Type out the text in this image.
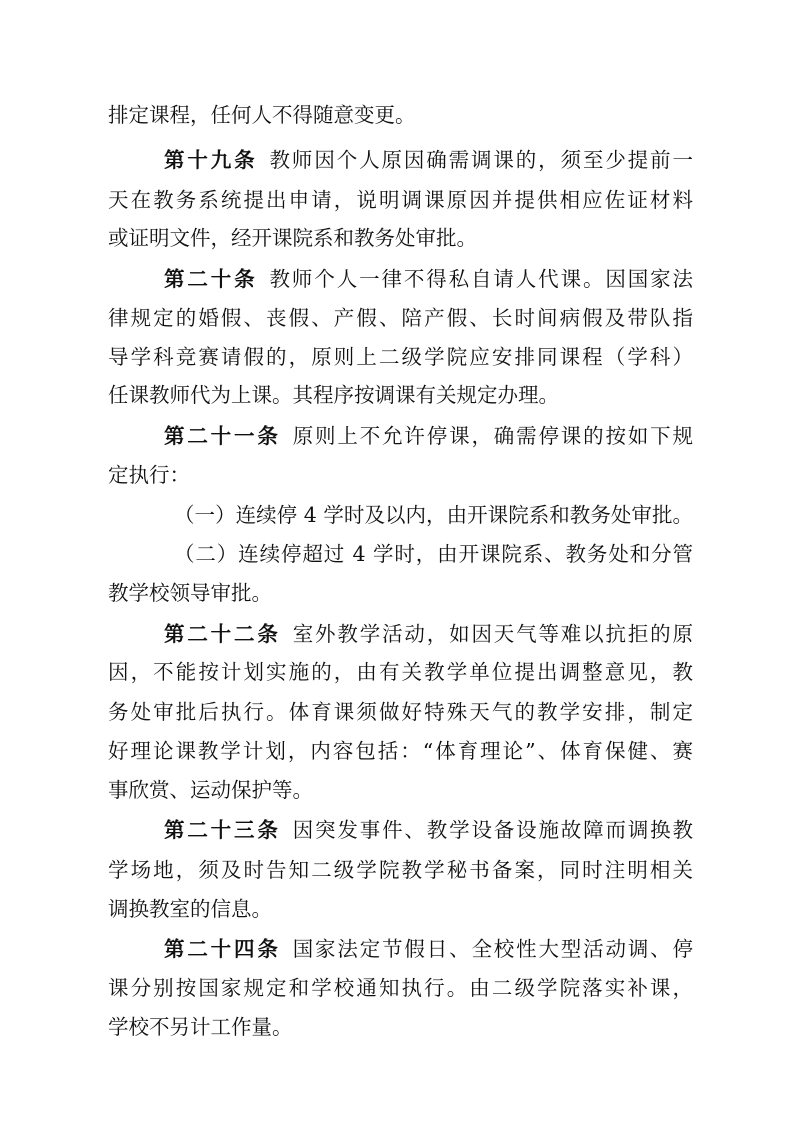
排定课程，任何人不得随意变更。
第十九条 教师因个人原因确需调课的，须至少提前一
天在教务系统提出申请，说明调课原因并提供相应佐证材料
或证明文件，经开课院系和教务处审批。
第二十条 教师个人一律不得私自请人代课。因国家法
律规定的婚假、丧假、产假、陪产假、长时间病假及带队指
导学科竞赛请假的，原则上二级学院应安排同课程（学科）
任课教师代为上课。其程序按调课有关规定办理。
第二十一条 原则上不允许停课，确需停课的按如下规
定执行：
（一）连续停 4 学时及以内，由开课院系和教务处审批。
（二）连续停超过 4 学时，由开课院系、教务处和分管
教学校领导审批。
第二十二条 室外教学活动，如因天气等难以抗拒的原
因，不能按计划实施的，由有关教学单位提出调整意见，教
务处审批后执行。体育课须做好特殊天气的教学安排，制定
好理论课教学计划，内容包括：“体育理论”、体育保健、赛
事欣赏、运动保护等。
第二十三条 因突发事件、教学设备设施故障而调换教
学场地，须及时告知二级学院教学秘书备案，同时注明相关
调换教室的信息。
第二十四条 国家法定节假日、全校性大型活动调、停
课分别按国家规定和学校通知执行。由二级学院落实补课，
学校不另计工作量。
